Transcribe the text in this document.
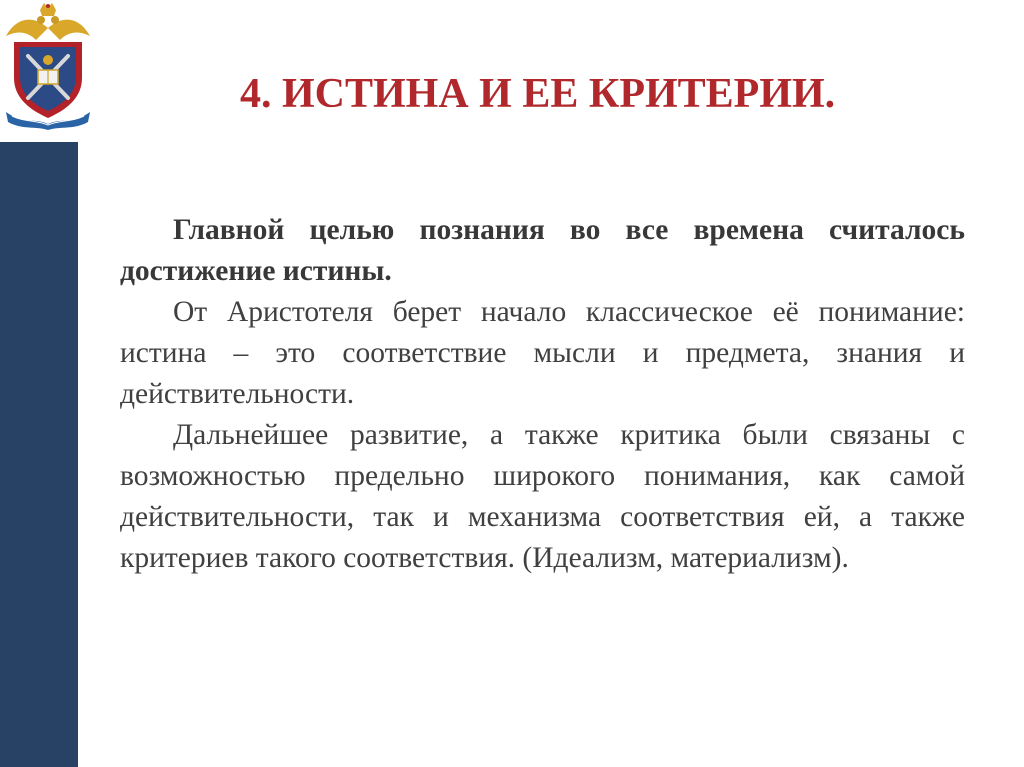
4. ИСТИНА И ЕЕ КРИТЕРИИ.

Главной целью познания во все времена считалось достижение истины.

От Аристотеля берет начало классическое её понимание: истина – это соответствие мысли и предмета, знания и действительности.

Дальнейшее развитие, а также критика были связаны с возможностью предельно широкого понимания, как самой действительности, так и механизма соответствия ей, а также критериев такого соответствия. (Идеализм, материализм).
